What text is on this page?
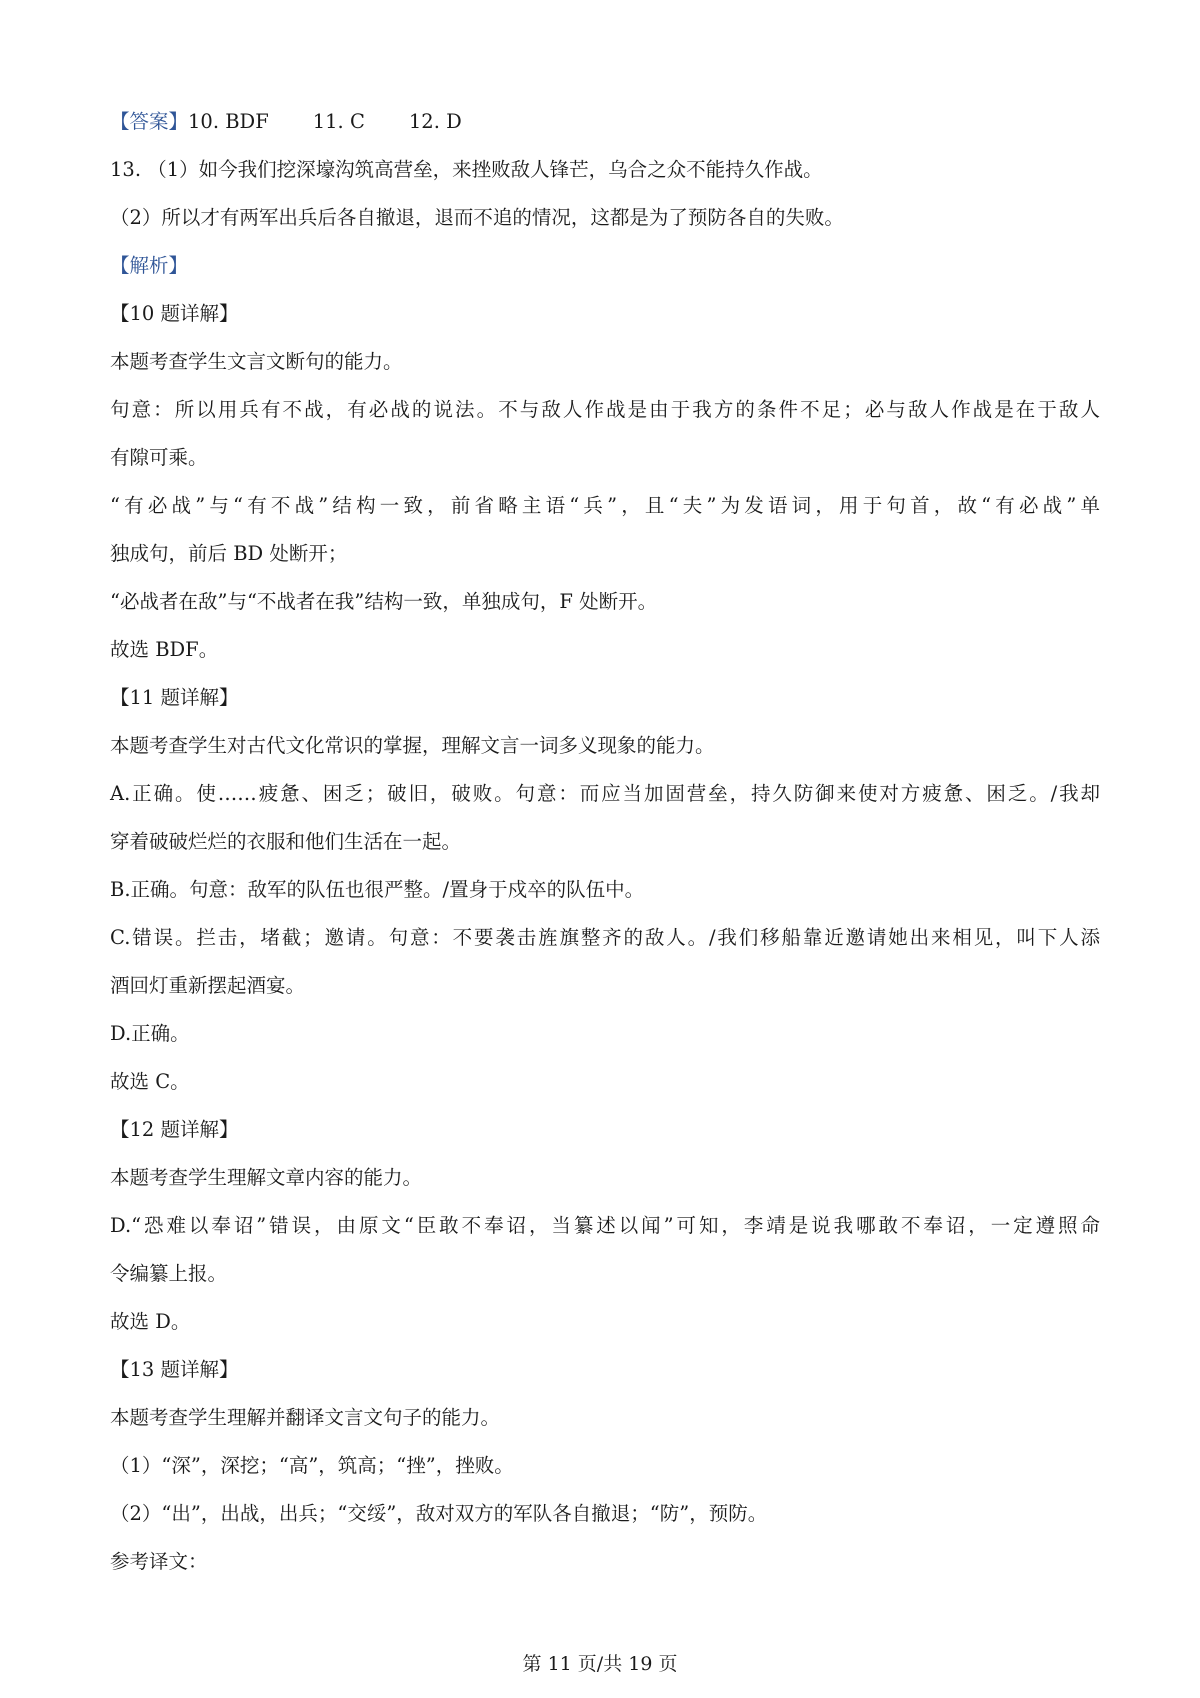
【答案】10. BDF 11. C 12. D
13. （1）如今我们挖深壕沟筑高营垒，来挫败敌人锋芒，乌合之众不能持久作战。
（2）所以才有两军出兵后各自撤退，退而不追的情况，这都是为了预防各自的失败。
【解析】
【10 题详解】
本题考查学生文言文断句的能力。
句意：所以用兵有不战，有必战的说法。不与敌人作战是由于我方的条件不足；必与敌人作战是在于敌人
有隙可乘。
“有必战”与“有不战”结构一致，前省略主语“兵”，且“夫”为发语词，用于句首，故“有必战”单
独成句，前后 BD 处断开；
“必战者在敌”与“不战者在我”结构一致，单独成句，F 处断开。
故选 BDF。
【11 题详解】
本题考查学生对古代文化常识的掌握，理解文言一词多义现象的能力。
A.正确。使……疲惫、困乏；破旧，破败。句意：而应当加固营垒，持久防御来使对方疲惫、困乏。/我却
穿着破破烂烂的衣服和他们生活在一起。
B.正确。句意：敌军的队伍也很严整。/置身于戍卒的队伍中。
C.错误。拦击，堵截；邀请。句意：不要袭击旌旗整齐的敌人。/我们移船靠近邀请她出来相见，叫下人添
酒回灯重新摆起酒宴。
D.正确。
故选 C。
【12 题详解】
本题考查学生理解文章内容的能力。
D.“恐难以奉诏”错误，由原文“臣敢不奉诏，当纂述以闻”可知，李靖是说我哪敢不奉诏，一定遵照命
令编纂上报。
故选 D。
【13 题详解】
本题考查学生理解并翻译文言文句子的能力。
（1）“深”，深挖；“高”，筑高；“挫”，挫败。
（2）“出”，出战，出兵；“交绥”，敌对双方的军队各自撤退；“防”，预防。
参考译文：
第 11 页/共 19 页
